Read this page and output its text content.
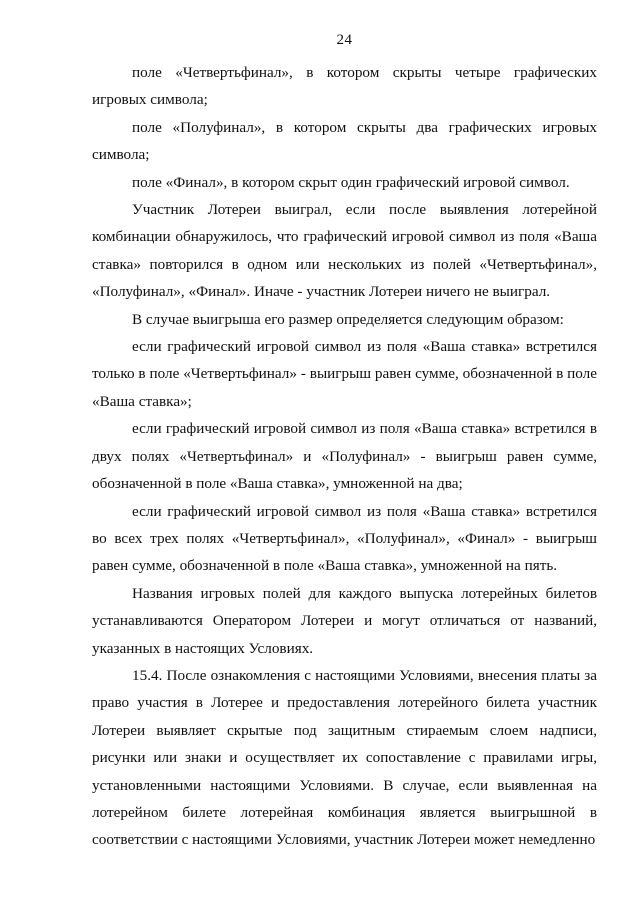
24

поле «Четвертьфинал», в котором скрыты четыре графических игровых символа;

поле «Полуфинал», в котором скрыты два графических игровых символа;

поле «Финал», в котором скрыт один графический игровой символ.

Участник Лотереи выиграл, если после выявления лотерейной комбинации обнаружилось, что графический игровой символ из поля «Ваша ставка» повторился в одном или нескольких из полей «Четвертьфинал», «Полуфинал», «Финал». Иначе - участник Лотереи ничего не выиграл.

В случае выигрыша его размер определяется следующим образом:

если графический игровой символ из поля «Ваша ставка» встретился только в поле «Четвертьфинал» - выигрыш равен сумме, обозначенной в поле «Ваша ставка»;

если графический игровой символ из поля «Ваша ставка» встретился в двух полях «Четвертьфинал» и «Полуфинал» - выигрыш равен сумме, обозначенной в поле «Ваша ставка», умноженной на два;

если графический игровой символ из поля «Ваша ставка» встретился во всех трех полях «Четвертьфинал», «Полуфинал», «Финал» - выигрыш равен сумме, обозначенной в поле «Ваша ставка», умноженной на пять.

Названия игровых полей для каждого выпуска лотерейных билетов устанавливаются Оператором Лотереи и могут отличаться от названий, указанных в настоящих Условиях.

15.4. После ознакомления с настоящими Условиями, внесения платы за право участия в Лотерее и предоставления лотерейного билета участник Лотереи выявляет скрытые под защитным стираемым слоем надписи, рисунки или знаки и осуществляет их сопоставление с правилами игры, установленными настоящими Условиями. В случае, если выявленная на лотерейном билете лотерейная комбинация является выигрышной в соответствии с настоящими Условиями, участник Лотереи может немедленно
